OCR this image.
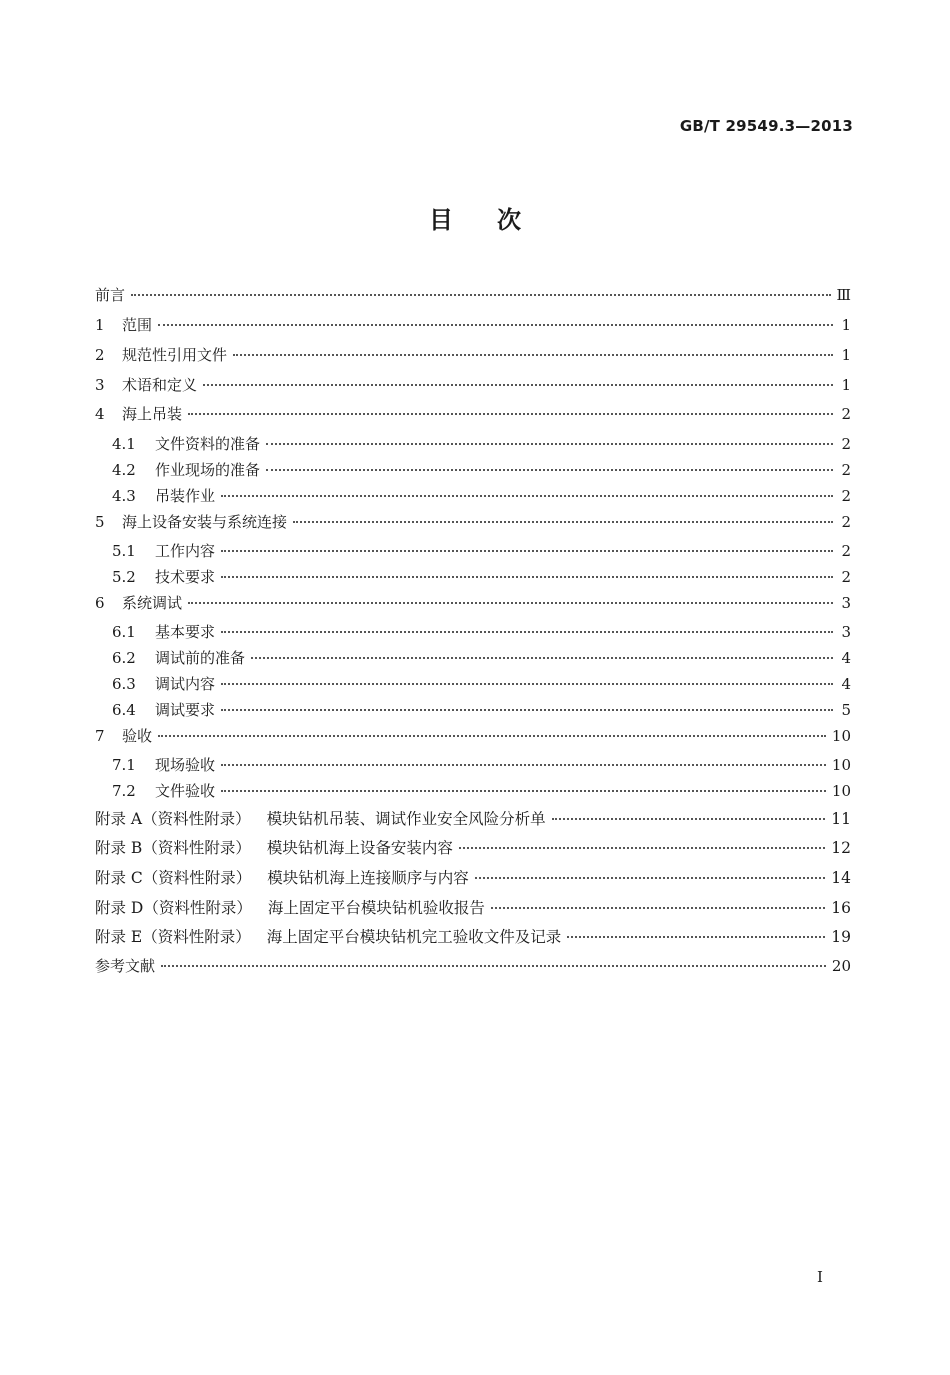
GB/T 29549.3—2013
目次
前言	Ⅲ
1	范围	1
2	规范性引用文件	1
3	术语和定义	1
4	海上吊装	2
4.1	文件资料的准备	2
4.2	作业现场的准备	2
4.3	吊装作业	2
5	海上设备安装与系统连接	2
5.1	工作内容	2
5.2	技术要求	2
6	系统调试	3
6.1	基本要求	3
6.2	调试前的准备	4
6.3	调试内容	4
6.4	调试要求	5
7	验收	10
7.1	现场验收	10
7.2	文件验收	10
附录 A（资料性附录） 模块钻机吊装、调试作业安全风险分析单	11
附录 B（资料性附录） 模块钻机海上设备安装内容	12
附录 C（资料性附录） 模块钻机海上连接顺序与内容	14
附录 D（资料性附录） 海上固定平台模块钻机验收报告	16
附录 E（资料性附录） 海上固定平台模块钻机完工验收文件及记录	19
参考文献	20
I
